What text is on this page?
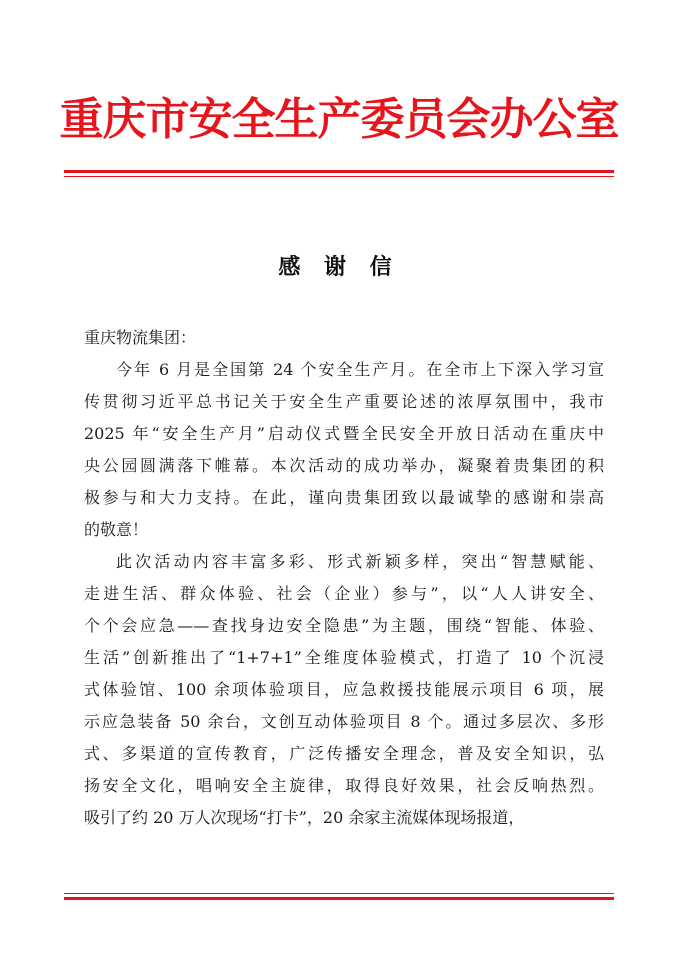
重庆市安全生产委员会办公室
感 谢 信

重庆物流集团：

今年 6 月是全国第 24 个安全生产月。在全市上下深入学习宣
传贯彻习近平总书记关于安全生产重要论述的浓厚氛围中，我市
2025 年“安全生产月”启动仪式暨全民安全开放日活动在重庆中
央公园圆满落下帷幕。本次活动的成功举办，凝聚着贵集团的积
极参与和大力支持。在此，谨向贵集团致以最诚挚的感谢和崇高
的敬意！

此次活动内容丰富多彩、形式新颖多样，突出“智慧赋能、
走进生活、群众体验、社会（企业）参与”，以“人人讲安全、
个个会应急——查找身边安全隐患”为主题，围绕“智能、体验、
生活”创新推出了“1+7+1”全维度体验模式，打造了 10 个沉浸
式体验馆、100 余项体验项目，应急救援技能展示项目 6 项，展
示应急装备 50 余台，文创互动体验项目 8 个。通过多层次、多形
式、多渠道的宣传教育，广泛传播安全理念，普及安全知识，弘
扬安全文化，唱响安全主旋律，取得良好效果，社会反响热烈。
吸引了约 20 万人次现场“打卡”，20 余家主流媒体现场报道，
